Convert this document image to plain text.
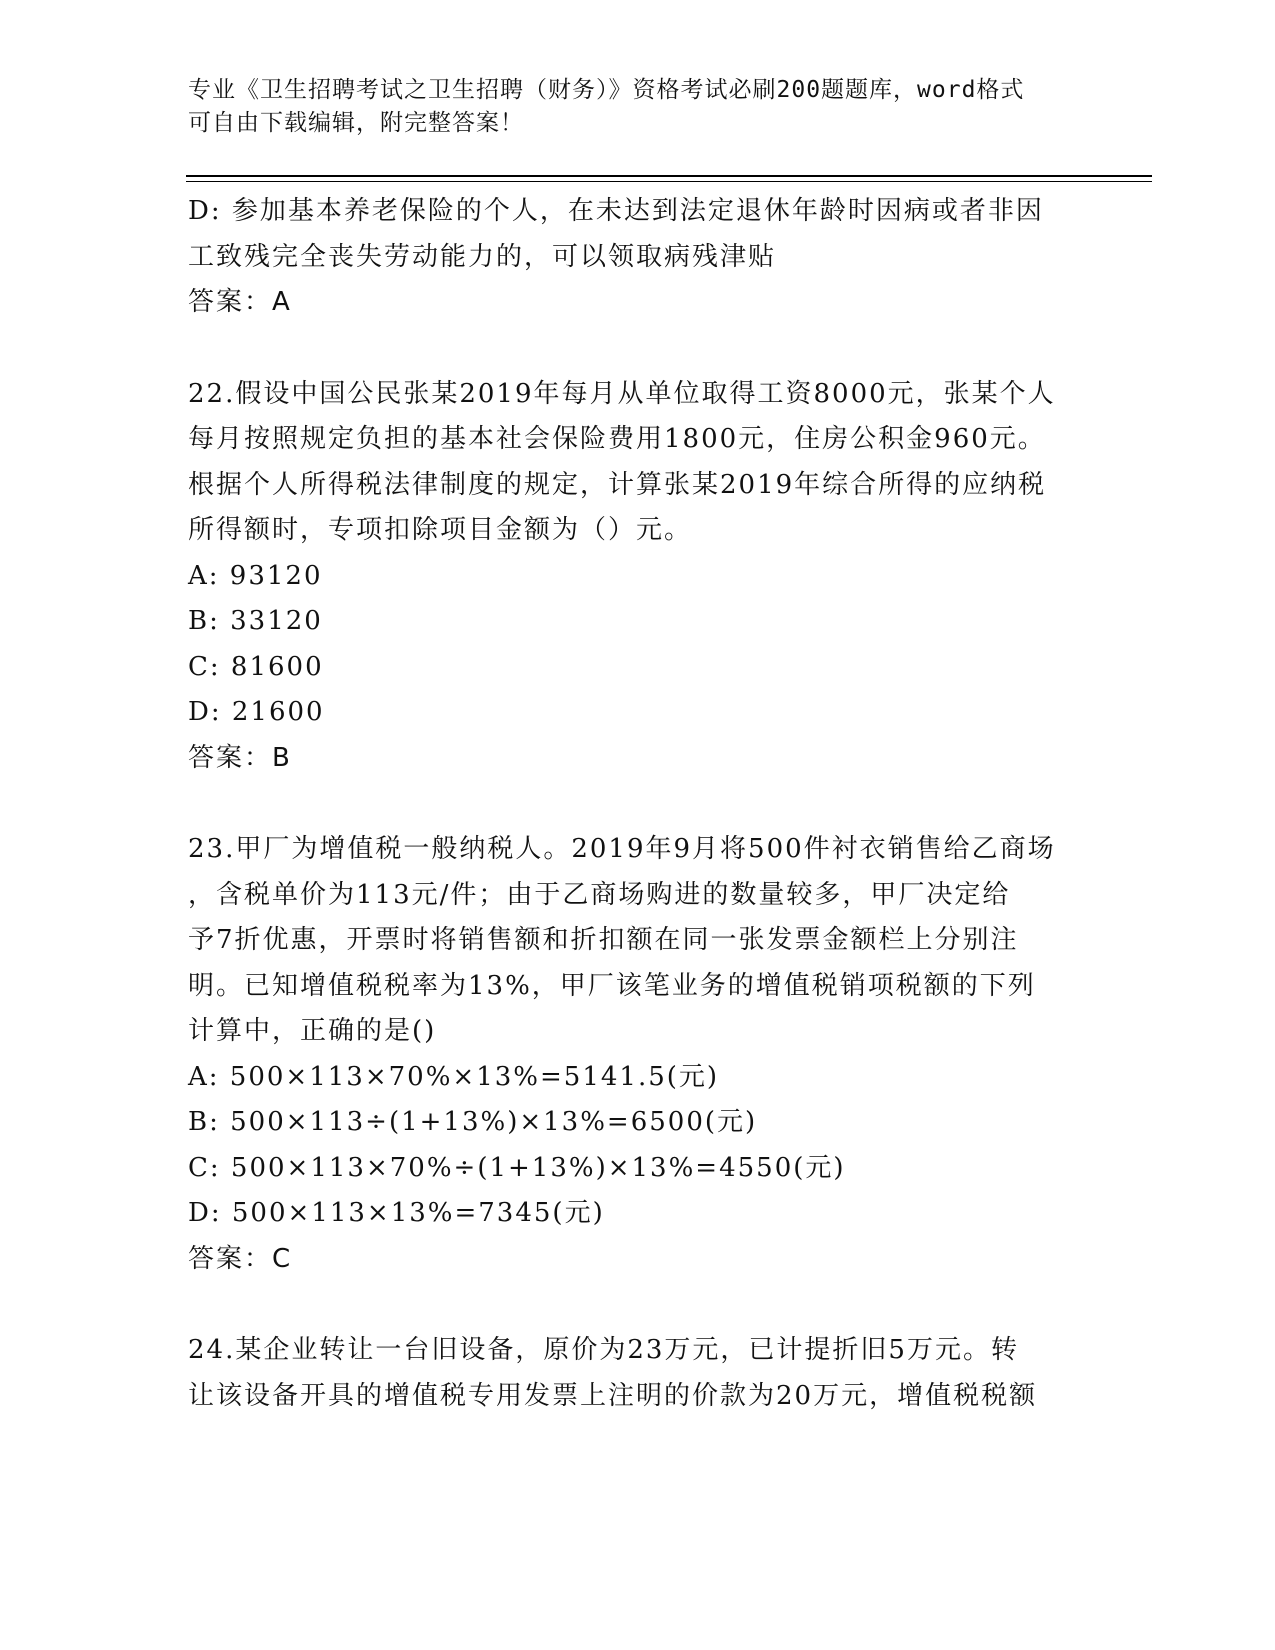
专业《卫生招聘考试之卫生招聘（财务）》资格考试必刷200题题库，word格式
可自由下载编辑，附完整答案！
D: 参加基本养老保险的个人，在未达到法定退休年龄时因病或者非因
工致残完全丧失劳动能力的，可以领取病残津贴
答案：A
22.假设中国公民张某2019年每月从单位取得工资8000元，张某个人
每月按照规定负担的基本社会保险费用1800元，住房公积金960元。
根据个人所得税法律制度的规定，计算张某2019年综合所得的应纳税
所得额时，专项扣除项目金额为（）元。
A: 93120
B: 33120
C: 81600
D: 21600
答案：B
23.甲厂为增值税一般纳税人。2019年9月将500件衬衣销售给乙商场
，含税单价为113元/件；由于乙商场购进的数量较多，甲厂决定给
予7折优惠，开票时将销售额和折扣额在同一张发票金额栏上分别注
明。已知增值税税率为13%，甲厂该笔业务的增值税销项税额的下列
计算中，正确的是()
A: 500×113×70%×13%=5141.5(元)
B: 500×113÷(1+13%)×13%=6500(元)
C: 500×113×70%÷(1+13%)×13%=4550(元)
D: 500×113×13%=7345(元)
答案：C
24.某企业转让一台旧设备，原价为23万元，已计提折旧5万元。转
让该设备开具的增值税专用发票上注明的价款为20万元，增值税税额
